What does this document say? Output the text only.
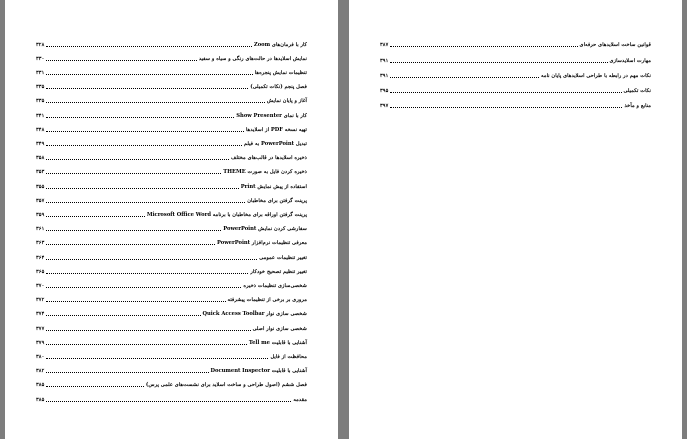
کار با فرمان‌های Zoom
۳۲۸
نمایش اسلایدها در حالت‌های رنگی و سیاه و سفید
۳۳۰
تنظیمات نمایش پنجره‌ها
۳۳۱
فصل پنجم (نکات تکمیلی)
۳۳۵
آغاز و پایان نمایش
۳۳۵
کار با نمای Show Presenter
۳۴۱
تهیه نسخه PDF از اسلایدها
۳۴۸
تبدیل PowerPoint به فیلم
۳۴۹
ذخیره اسلایدها در قالب‌های مختلف
۳۵۸
ذخیره کردن فایل به صورت THEME
۳۵۳
استفاده از پیش نمایش Print
۳۵۵
پرینت گرفتن برای مخاطبان
۳۵۷
پرینت گرفتن اوراقه برای مخاطبان با برنامه Microsoft Office Word
۳۵۹
سفارشی کردن نمایش PowerPoint
۳۶۱
معرفی تنظیمات نرم‌افزار PowerPoint
۳۶۳
تغییر تنظیمات عمومی
۳۶۴
تغییر تنظیم تصحیح خودکار
۳۶۵
شخصی‌سازی تنظیمات ذخیره
۳۷۰
مروری بر برخی از تنظیمات پیشرفته
۳۷۲
شخصی سازی نوار Quick Access Toolbar
۳۷۴
شخصی سازی نوار اصلی
۳۷۷
آشنایی با قابلیت Tell me
۳۷۹
محافظت از فایل
۳۸۰
آشنایی با قابلیت Document Inspector
۳۸۲
فصل ششم (اصول طراحی و ساخت اسلاید برای نشست‌های علمی پرس)
۳۸۵
مقدمه
۳۸۵
قوانین ساخت اسلایدهای حرفه‌ای
۳۸۷
مهارت اسلایدسازی
۳۹۱
نکات مهم در رابطه با طراحی اسلایدهای پایان نامه
۳۹۱
نکات تکمیلی
۳۹۵
منابع و مآخذ
۳۹۷
